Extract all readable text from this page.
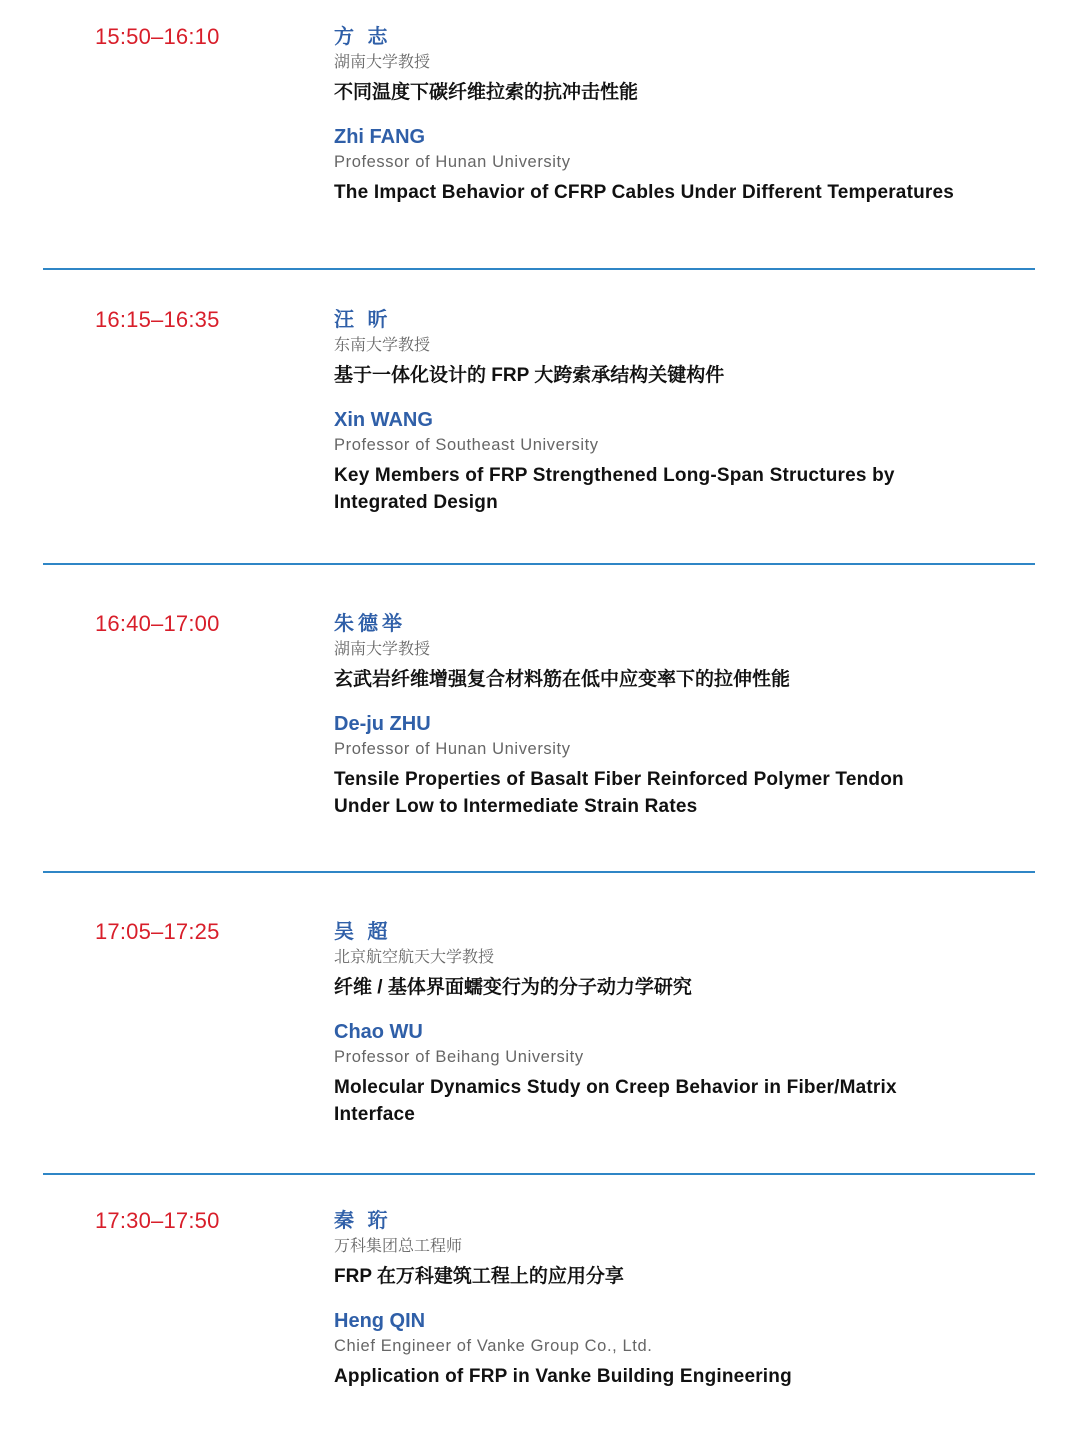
15:50–16:10	方 志
湖南大学教授
不同温度下碳纤维拉索的抗冲击性能
Zhi FANG
Professor of Hunan University
The Impact Behavior of CFRP Cables Under Different Temperatures
16:15–16:35	汪 昕
东南大学教授
基于一体化设计的 FRP 大跨索承结构关键构件
Xin WANG
Professor of Southeast University
Key Members of FRP Strengthened Long-Span Structures by Integrated Design
16:40–17:00	朱德举
湖南大学教授
玄武岩纤维增强复合材料筋在低中应变率下的拉伸性能
De-ju ZHU
Professor of Hunan University
Tensile Properties of Basalt Fiber Reinforced Polymer Tendon Under Low to Intermediate Strain Rates
17:05–17:25	吴 超
北京航空航天大学教授
纤维 / 基体界面蠕变行为的分子动力学研究
Chao WU
Professor of Beihang University
Molecular Dynamics Study on Creep Behavior in Fiber/Matrix Interface
17:30–17:50	秦 珩
万科集团总工程师
FRP 在万科建筑工程上的应用分享
Heng QIN
Chief Engineer of Vanke Group Co., Ltd.
Application of FRP in Vanke Building Engineering
